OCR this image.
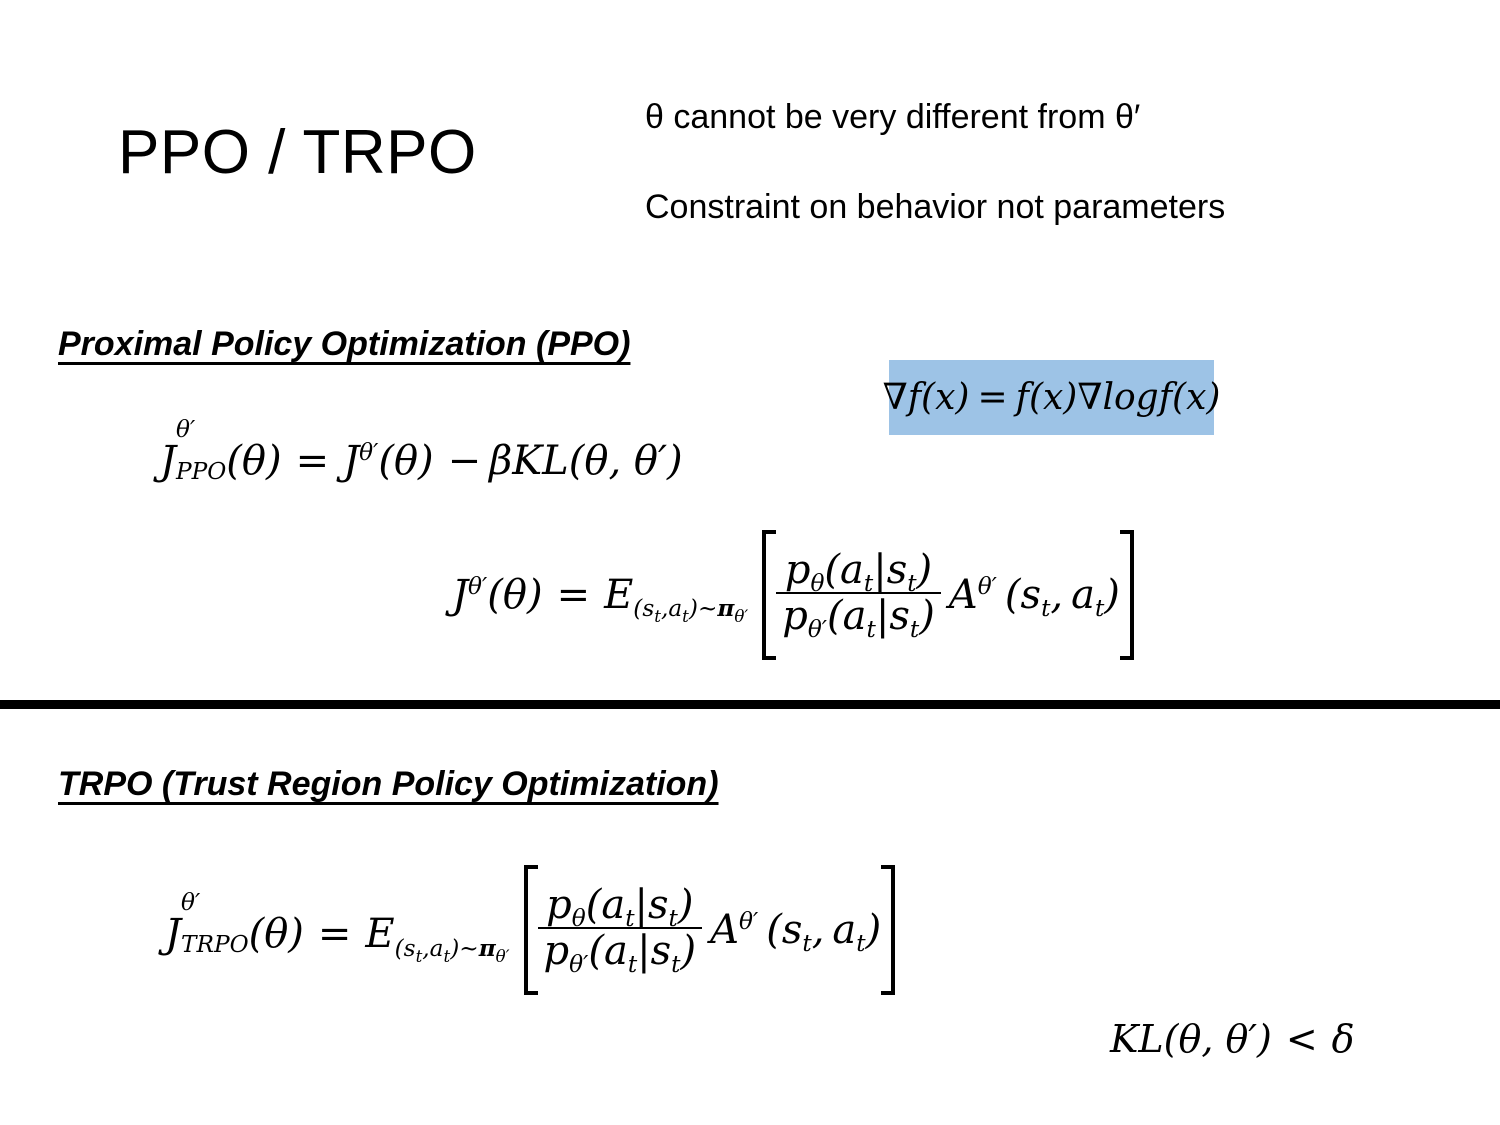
PPO / TRPO
θ cannot be very different from θ′
Constraint on behavior not parameters
Proximal Policy Optimization (PPO)
∇f(x) = f(x)∇logf(x)
J
θ′
PPO $(\theta) = J^{\theta'}(\theta) - \beta KL(\theta$, θ′)
$J^{\theta'}(\theta) = E_{(s_t,a_t)\sim\pi_{\theta'}} \frac{p_\theta(a_t|s_t)}{p_{\theta'}(a_t|s_t)} A^{\theta'}$ ($s_t$, $a_t$)
TRPO (Trust Region Policy Optimization)
J
θ′
TRPO $(\theta) = E_{(s_t,a_t)\sim\pi_{\theta'}} \frac{p_\theta(a_t|s_t)}{p_{\theta'}(a_t|s_t)} A^{\theta'}$ ($s_t$, $a_t$)
KL(θ, θ′) < δ
